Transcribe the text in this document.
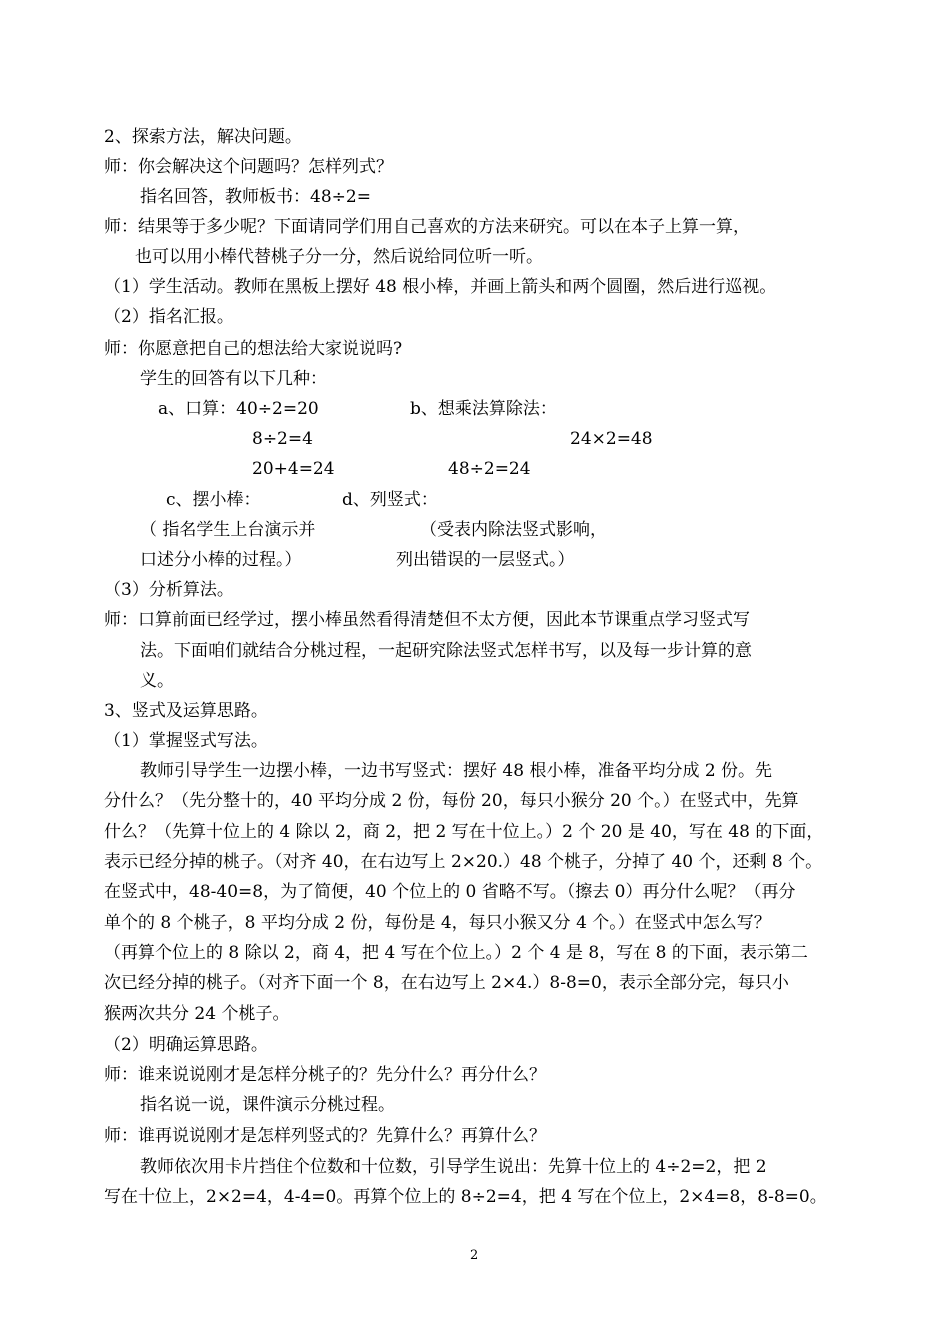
2、探索方法，解决问题。
师：你会解决这个问题吗？怎样列式？
指名回答，教师板书：48÷2=
师：结果等于多少呢？下面请同学们用自己喜欢的方法来研究。可以在本子上算一算，
也可以用小棒代替桃子分一分，然后说给同位听一听。
（1）学生活动。教师在黑板上摆好 48 根小棒，并画上箭头和两个圆圈，然后进行巡视。
（2）指名汇报。
师：你愿意把自己的想法给大家说说吗?
学生的回答有以下几种：
a、口算：40÷2=20	b、想乘法算除法：
8÷2=4	24×2=48
20+4=24	48÷2=24
c、摆小棒：	d、列竖式：
（ 指名学生上台演示并	（受表内除法竖式影响，
口述分小棒的过程。）	列出错误的一层竖式。）
（3）分析算法。
师：口算前面已经学过，摆小棒虽然看得清楚但不太方便，因此本节课重点学习竖式写
法。下面咱们就结合分桃过程，一起研究除法竖式怎样书写，以及每一步计算的意
义。
3、竖式及运算思路。
（1）掌握竖式写法。
教师引导学生一边摆小棒，一边书写竖式：摆好 48 根小棒，准备平均分成 2 份。先
分什么？（先分整十的，40 平均分成 2 份，每份 20，每只小猴分 20 个。）在竖式中，先算
什么？（先算十位上的 4 除以 2，商 2，把 2 写在十位上。）2 个 20 是 40，写在 48 的下面，
表示已经分掉的桃子。（对齐 40，在右边写上 2×20.）48 个桃子，分掉了 40 个，还剩 8 个。
在竖式中，48-40=8，为了简便，40 个位上的 0 省略不写。（擦去 0）再分什么呢？（再分
单个的 8 个桃子，8 平均分成 2 份，每份是 4，每只小猴又分 4 个。）在竖式中怎么写？
（再算个位上的 8 除以 2，商 4，把 4 写在个位上。）2 个 4 是 8，写在 8 的下面，表示第二
次已经分掉的桃子。（对齐下面一个 8，在右边写上 2×4.）8-8=0，表示全部分完，每只小
猴两次共分 24 个桃子。
（2）明确运算思路。
师：谁来说说刚才是怎样分桃子的？先分什么？再分什么？
指名说一说，课件演示分桃过程。
师：谁再说说刚才是怎样列竖式的？先算什么？再算什么？
教师依次用卡片挡住个位数和十位数，引导学生说出：先算十位上的 4÷2=2，把 2
写在十位上，2×2=4，4-4=0。再算个位上的 8÷2=4，把 4 写在个位上，2×4=8，8-8=0。
2
